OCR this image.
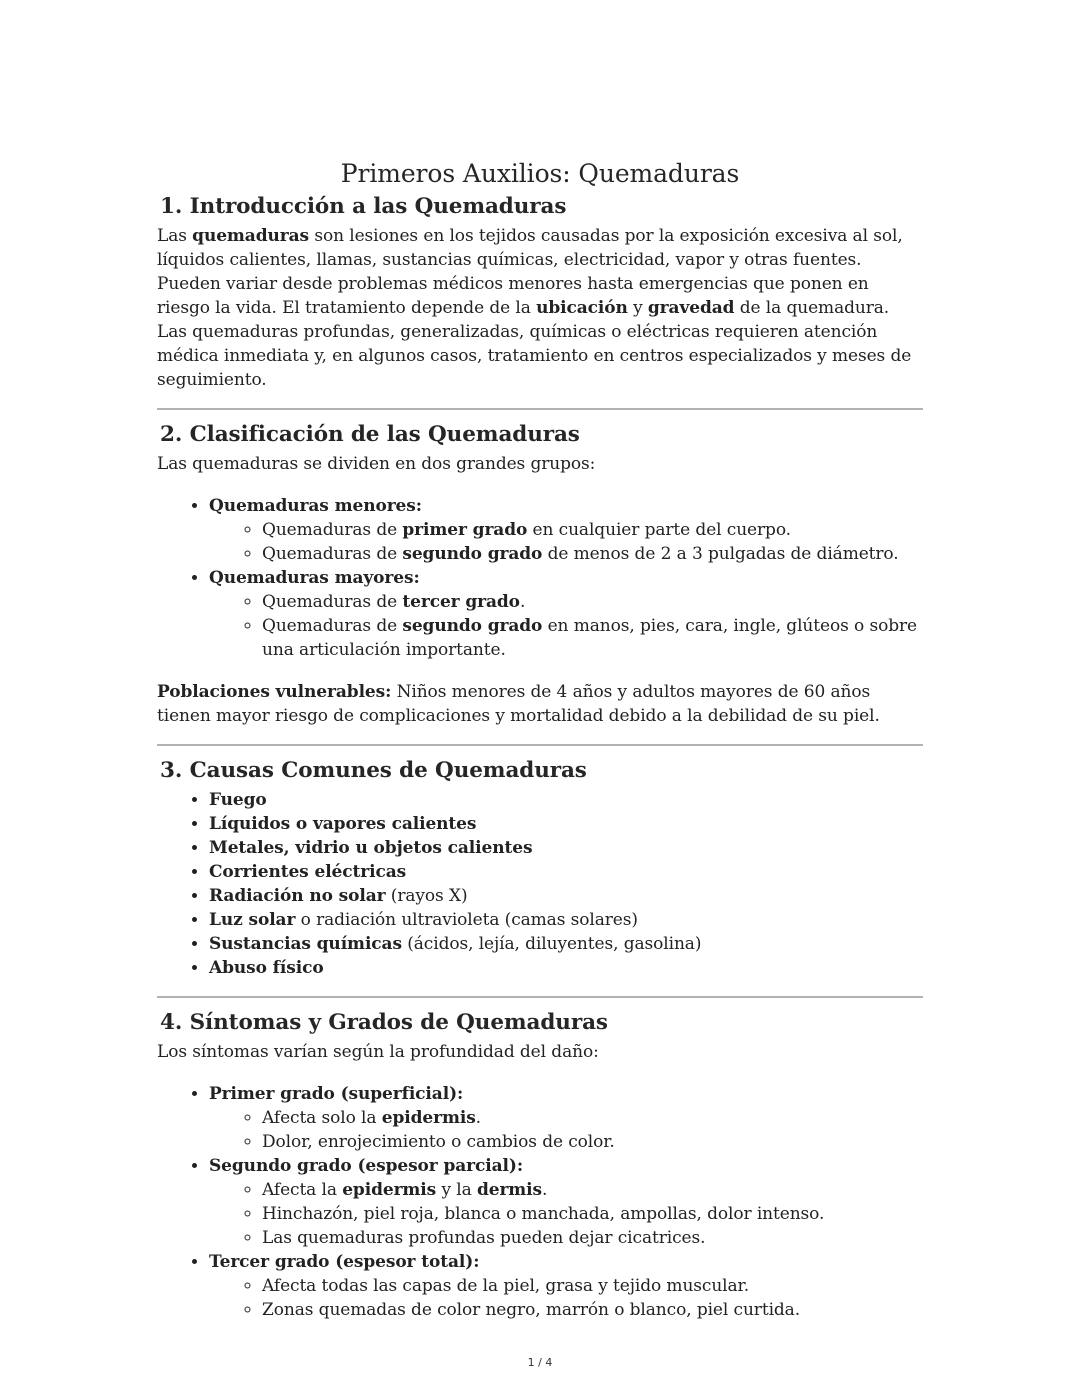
Primeros Auxilios: Quemaduras
1. Introducción a las Quemaduras

Las quemaduras son lesiones en los tejidos causadas por la exposición excesiva al sol, líquidos calientes, llamas, sustancias químicas, electricidad, vapor y otras fuentes. Pueden variar desde problemas médicos menores hasta emergencias que ponen en riesgo la vida. El tratamiento depende de la ubicación y gravedad de la quemadura. Las quemaduras profundas, generalizadas, químicas o eléctricas requieren atención médica inmediata y, en algunos casos, tratamiento en centros especializados y meses de seguimiento.

2. Clasificación de las Quemaduras

Las quemaduras se dividen en dos grandes grupos:

• Quemaduras menores:
◦ Quemaduras de primer grado en cualquier parte del cuerpo.
◦ Quemaduras de segundo grado de menos de 2 a 3 pulgadas de diámetro.
• Quemaduras mayores:
◦ Quemaduras de tercer grado.
◦ Quemaduras de segundo grado en manos, pies, cara, ingle, glúteos o sobre una articulación importante.

Poblaciones vulnerables: Niños menores de 4 años y adultos mayores de 60 años tienen mayor riesgo de complicaciones y mortalidad debido a la debilidad de su piel.

3. Causas Comunes de Quemaduras
• Fuego
• Líquidos o vapores calientes
• Metales, vidrio u objetos calientes
• Corrientes eléctricas
• Radiación no solar (rayos X)
• Luz solar o radiación ultravioleta (camas solares)
• Sustancias químicas (ácidos, lejía, diluyentes, gasolina)
• Abuso físico
4. Síntomas y Grados de Quemaduras

Los síntomas varían según la profundidad del daño:

• Primer grado (superficial):
◦ Afecta solo la epidermis.
◦ Dolor, enrojecimiento o cambios de color.
• Segundo grado (espesor parcial):
◦ Afecta la epidermis y la dermis.
◦ Hinchazón, piel roja, blanca o manchada, ampollas, dolor intenso.
◦ Las quemaduras profundas pueden dejar cicatrices.
• Tercer grado (espesor total):
◦ Afecta todas las capas de la piel, grasa y tejido muscular.
◦ Zonas quemadas de color negro, marrón o blanco, piel curtida.
1 / 4
